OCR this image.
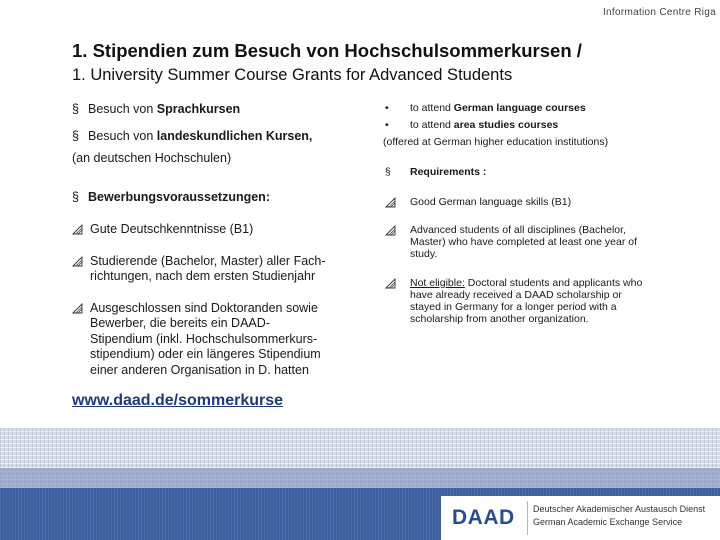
Information Centre Riga
1. Stipendien zum Besuch von Hochschulsommerkursen /
1. University Summer Course Grants for Advanced Students
§ Besuch von Sprachkursen
§ Besuch von landeskundlichen Kursen,
(an deutschen Hochschulen)
§ Bewerbungsvoraussetzungen:
Gute Deutschkenntnisse (B1)
Studierende (Bachelor, Master) aller Fach-
richtungen, nach dem ersten Studienjahr
Ausgeschlossen sind Doktoranden sowie
Bewerber, die bereits ein DAAD-
Stipendium (inkl. Hochschulsommerkurs-
stipendium) oder ein längeres Stipendium
einer anderen Organisation in D. hatten
• to attend German language courses
• to attend area studies courses
(offered at German higher education institutions)
§ Requirements :
Good German language skills (B1)
Advanced students of all disciplines (Bachelor,
Master) who have completed at least one year of
study.
Not eligible: Doctoral students and applicants who
have already received a DAAD scholarship or
stayed in Germany for a longer period with a
scholarship from another organization.
www.daad.de/sommerkurse
DAAD Deutscher Akademischer Austausch Dienst
German Academic Exchange Service
